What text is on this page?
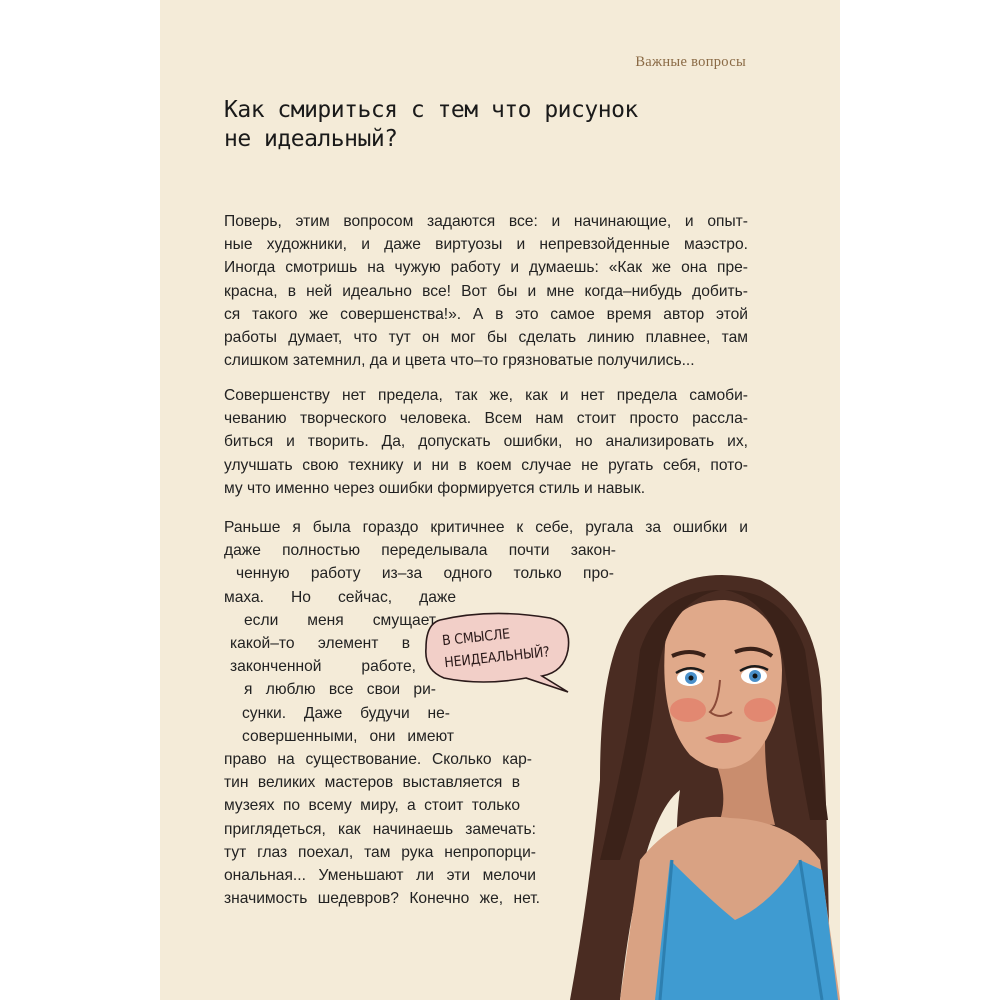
Важные вопросы
Как смириться с тем что рисунок
не идеальный?

Поверь, этим вопросом задаются все: и начинающие, и опыт-
ные художники, и даже виртуозы и непревзойденные маэстро.
Иногда смотришь на чужую работу и думаешь: «Как же она пре-
красна, в ней идеально все! Вот бы и мне когда–нибудь добить-
ся такого же совершенства!». А в это самое время автор этой
работы думает, что тут он мог бы сделать линию плавнее, там
слишком затемнил, да и цвета что–то грязноватые получились...

Совершенству нет предела, так же, как и нет предела самоби-
чеванию творческого человека. Всем нам стоит просто рассла-
биться и творить. Да, допускать ошибки, но анализировать их,
улучшать свою технику и ни в коем случае не ругать себя, пото-
му что именно через ошибки формируется стиль и навык.

Раньше я была гораздо критичнее к себе, ругала за ошибки и
даже полностью переделывала почти закон-
ченную работу из–за одного только про-
маха. Но сейчас, даже
если меня смущает
какой–то элемент в
законченной работе,
я люблю все свои ри-
сунки. Даже будучи не-
совершенными, они имеют
право на существование. Сколько кар-
тин великих мастеров выставляется в
музеях по всему миру, а стоит только
приглядеться, как начинаешь замечать:
тут глаз поехал, там рука непропорци-
ональная... Уменьшают ли эти мелочи
значимость шедевров? Конечно же, нет.

В СМЫСЛЕ
НЕИДЕАЛЬНЫЙ?
